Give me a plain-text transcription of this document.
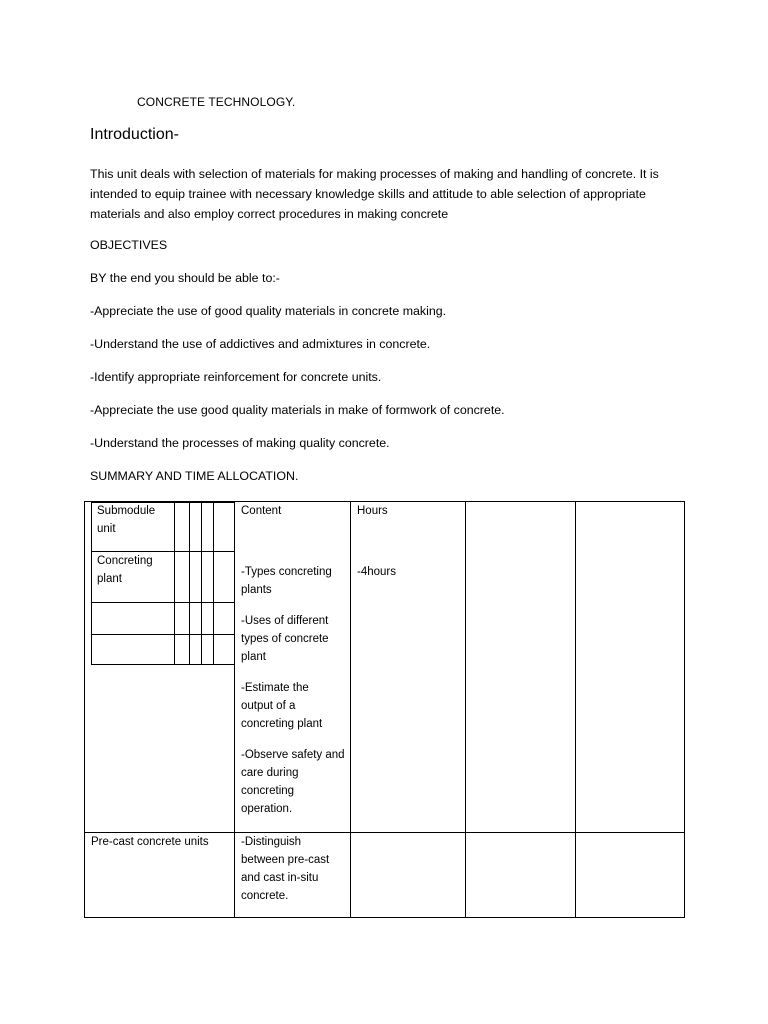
CONCRETE TECHNOLOGY.
Introduction-
This unit deals with selection of materials for making processes of making and handling of concrete. It is intended to equip trainee with necessary knowledge skills and attitude to able selection of appropriate materials and also employ correct procedures in making concrete
OBJECTIVES
BY the end you should be able to:-
-Appreciate the use of good quality materials in concrete making.
-Understand the use of addictives and admixtures in concrete.
-Identify appropriate reinforcement for concrete units.
-Appreciate the use good quality materials in make of formwork of concrete.
-Understand the processes of making quality concrete.
SUMMARY AND TIME ALLOCATION.
Submodule
unit
Concreting
plant
Content	Hours
-Types concreting
plants
-Uses of different
types of concrete
plant
-Estimate the
output of a
concreting plant
-Observe safety and
care during
concreting
operation.
-4hours
Pre-cast concrete units	-Distinguish
between pre-cast
and cast in-situ
concrete.
